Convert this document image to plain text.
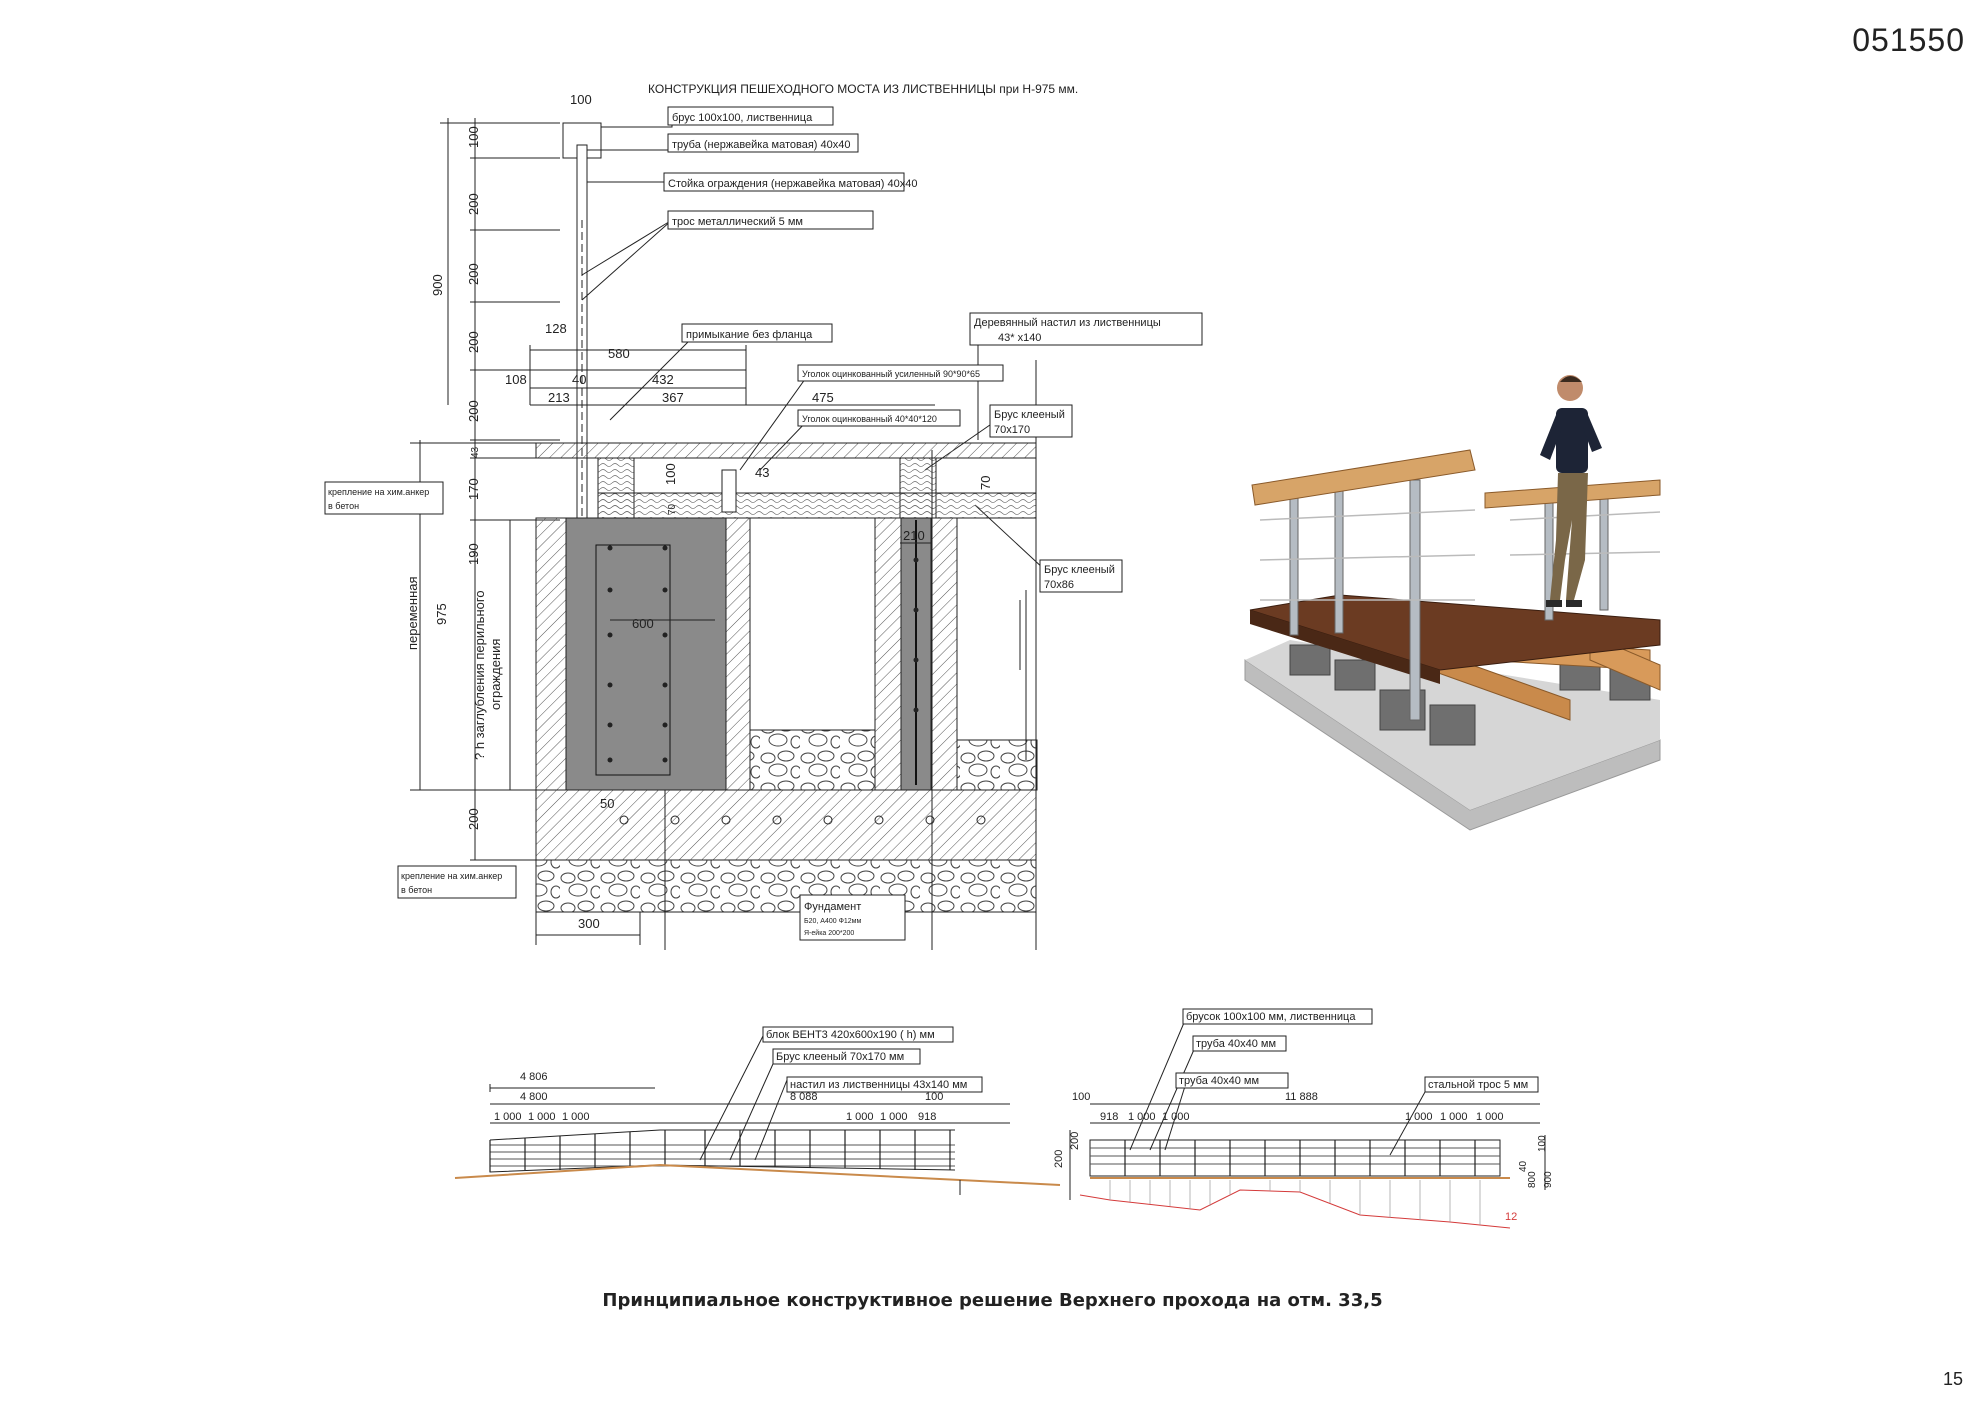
051550
КОНСТРУКЦИЯ ПЕШЕХОДНОГО МОСТА ИЗ ЛИСТВЕННИЦЫ при Н-975 мм.
брус 100х100, лиственница
труба (нержавейка матовая) 40х40
Стойка ограждения (нержавейка матовая) 40х40
трос металлический 5 мм
примыкание без фланца
Деревянный настил из лиственницы
43* х140
Уголок оцинкованный усиленный 90*90*65
Уголок оцинкованный 40*40*120	Брус клееный
70х170
Брус клееный
70х86
крепление на хим.анкер
в бетон
крепление на хим.анкер
в бетон
Фундамент
Б20, А400 Ф12мм
Я-ейка 200*200
100
100
200
200
200
200
900
43
170
190
975
200
переменная	? h заглубления перильного ограждения
128
580
108	40	432
213	367	475
100	43
70
70
210
600
50
300
блок ВЕНТ3 420х600х190 ( h) мм
Брус клееный 70х170 мм
настил из лиственницы 43х140 мм
брусок 100х100 мм, лиственница
труба 40х40 мм
труба 40х40 мм	стальной трос 5 мм
4 806
4 800
1 000 1 000 1 000
8 088	100
1 000 1 000 918
100
918 1 000 1 000
11 888
1 000 1 000 1 000
200
200	100
40
800 900
12
Принципиальное конструктивное решение Верхнего прохода на отм. 33,5
15
